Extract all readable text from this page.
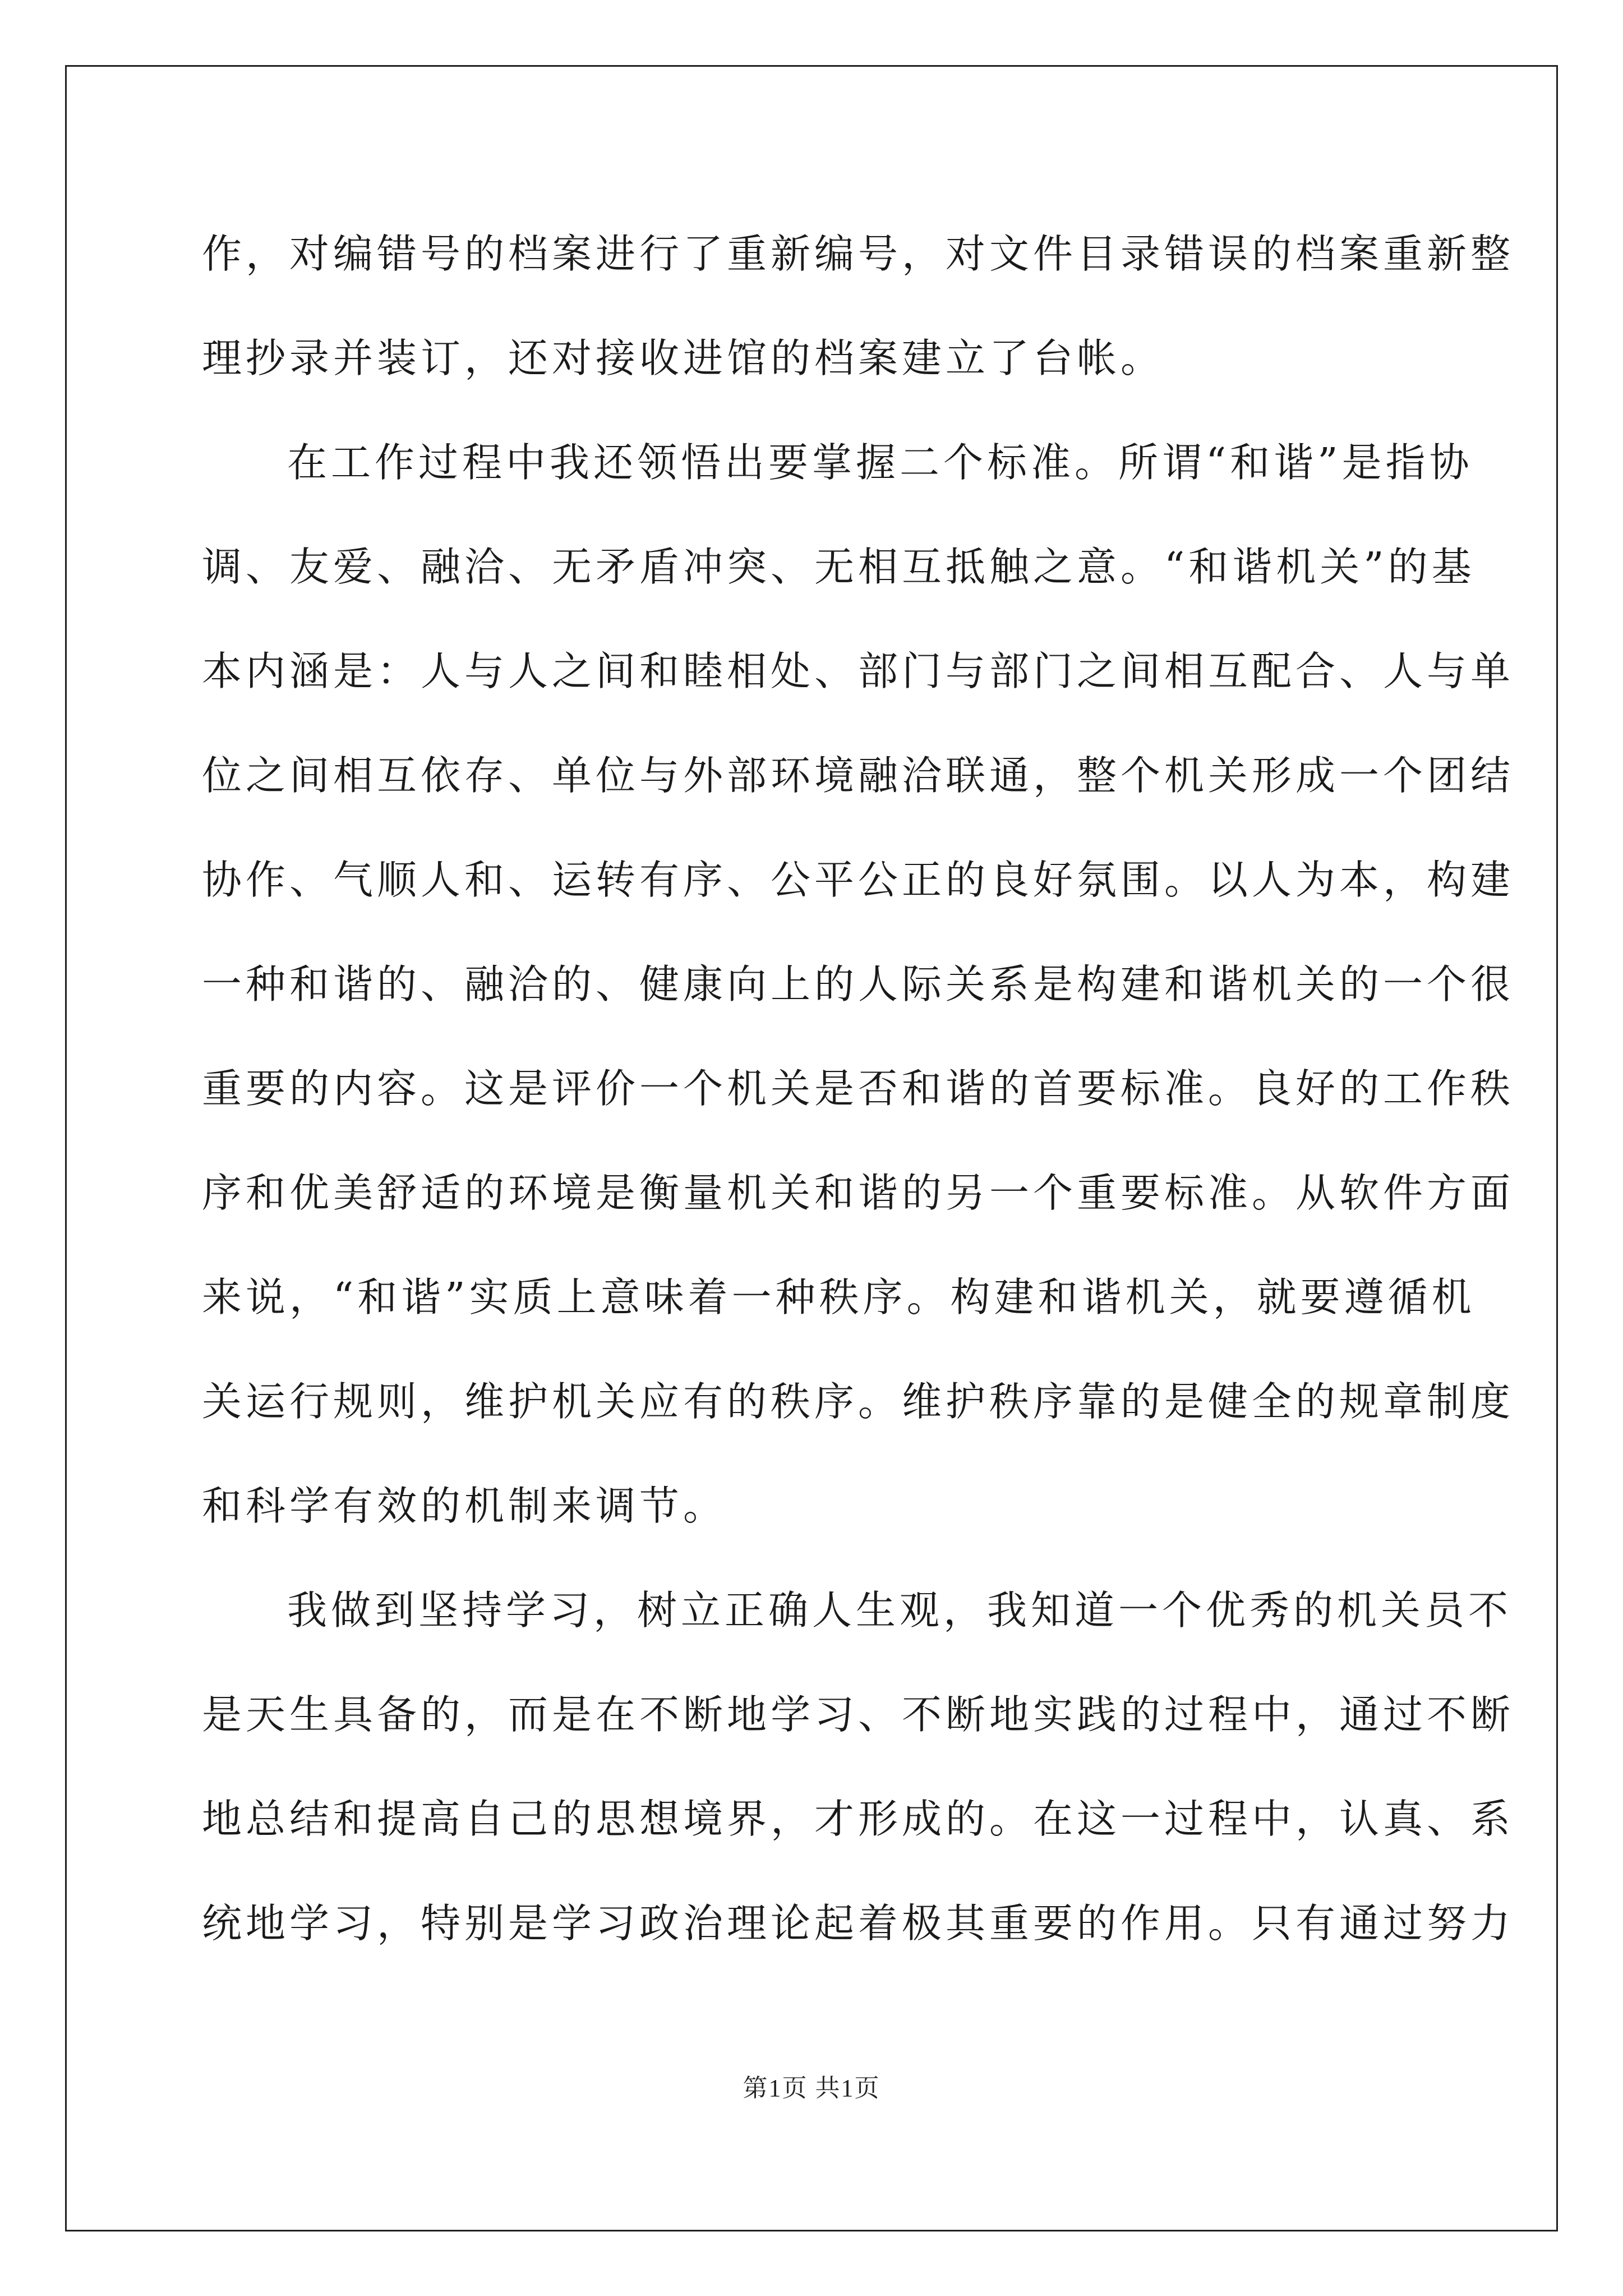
作，对编错号的档案进行了重新编号，对文件目录错误的档案重新整
理抄录并装订，还对接收进馆的档案建立了台帐。

在工作过程中我还领悟出要掌握二个标准。所谓“和谐”是指协
调、友爱、融洽、无矛盾冲突、无相互抵触之意。“和谐机关”的基
本内涵是：人与人之间和睦相处、部门与部门之间相互配合、人与单
位之间相互依存、单位与外部环境融洽联通，整个机关形成一个团结
协作、气顺人和、运转有序、公平公正的良好氛围。以人为本，构建
一种和谐的、融洽的、健康向上的人际关系是构建和谐机关的一个很
重要的内容。这是评价一个机关是否和谐的首要标准。良好的工作秩
序和优美舒适的环境是衡量机关和谐的另一个重要标准。从软件方面
来说，“和谐”实质上意味着一种秩序。构建和谐机关，就要遵循机
关运行规则，维护机关应有的秩序。维护秩序靠的是健全的规章制度
和科学有效的机制来调节。

我做到坚持学习，树立正确人生观，我知道一个优秀的机关员不
是天生具备的，而是在不断地学习、不断地实践的过程中，通过不断
地总结和提高自己的思想境界，才形成的。在这一过程中，认真、系
统地学习，特别是学习政治理论起着极其重要的作用。只有通过努力

第1页 共1页
